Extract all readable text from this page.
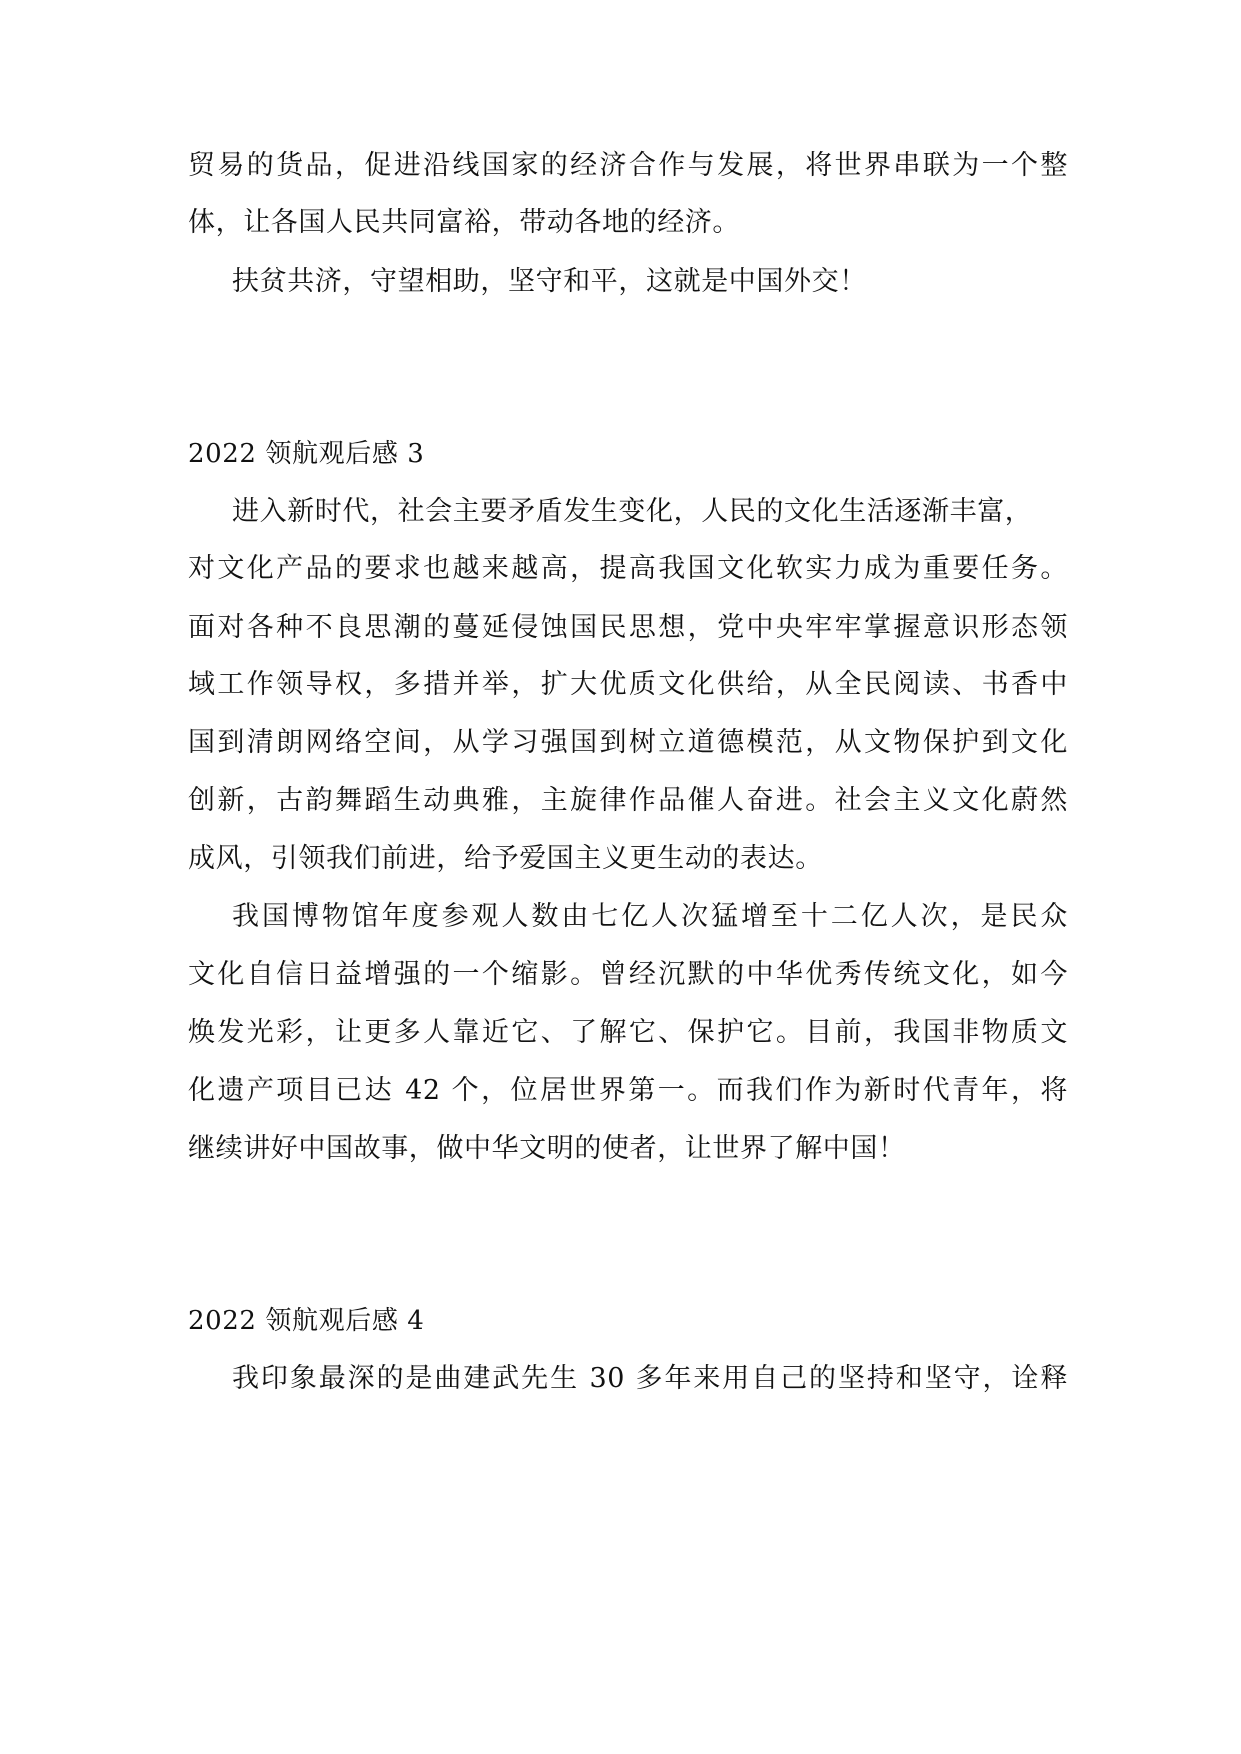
贸易的货品，促进沿线国家的经济合作与发展，将世界串联为一个整
体，让各国人民共同富裕，带动各地的经济。
扶贫共济，守望相助，坚守和平，这就是中国外交！
2022 领航观后感 3
进入新时代，社会主要矛盾发生变化，人民的文化生活逐渐丰富，
对文化产品的要求也越来越高，提高我国文化软实力成为重要任务。
面对各种不良思潮的蔓延侵蚀国民思想，党中央牢牢掌握意识形态领
域工作领导权，多措并举，扩大优质文化供给，从全民阅读、书香中
国到清朗网络空间，从学习强国到树立道德模范，从文物保护到文化
创新，古韵舞蹈生动典雅，主旋律作品催人奋进。社会主义文化蔚然
成风，引领我们前进，给予爱国主义更生动的表达。
我国博物馆年度参观人数由七亿人次猛增至十二亿人次，是民众
文化自信日益增强的一个缩影。曾经沉默的中华优秀传统文化，如今
焕发光彩，让更多人靠近它、了解它、保护它。目前，我国非物质文
化遗产项目已达 42 个，位居世界第一。而我们作为新时代青年，将
继续讲好中国故事，做中华文明的使者，让世界了解中国！
2022 领航观后感 4
我印象最深的是曲建武先生 30 多年来用自己的坚持和坚守，诠释
